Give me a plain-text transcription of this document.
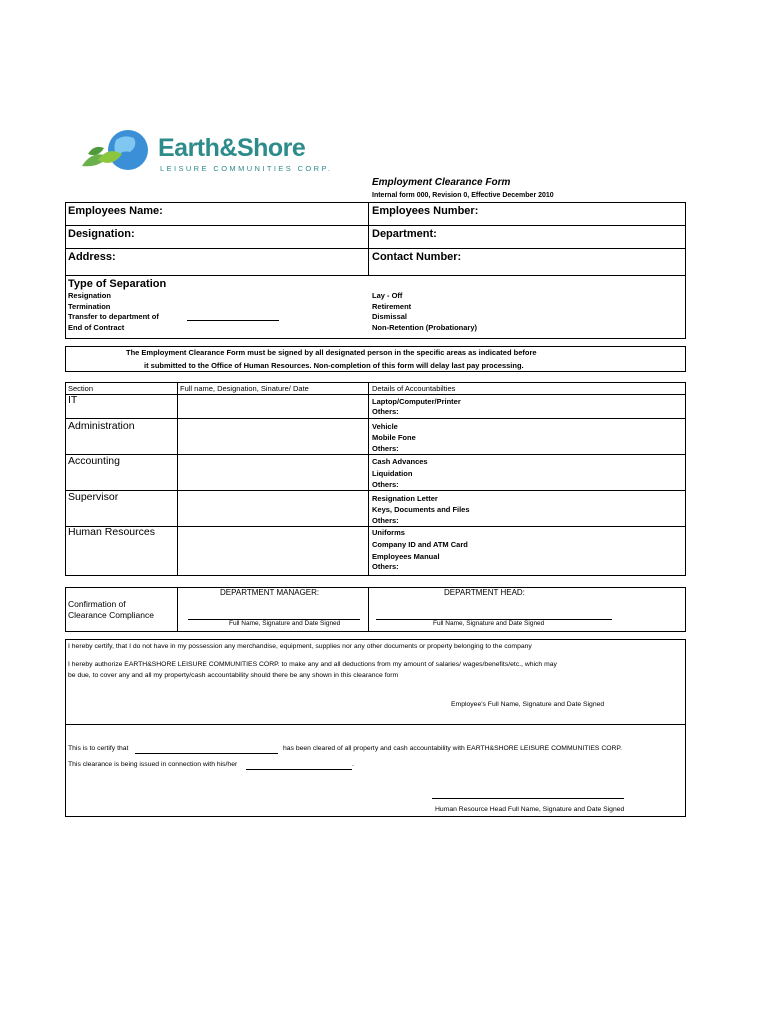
Earth&Shore
LEISURE COMMUNITIES CORP.
Employment Clearance Form
Internal form 000, Revision 0, Effective December 2010
Employees Name:	Employees Number:
Designation:	Department:
Address:	Contact Number:
Type of Separation
Resignation
Termination
Transfer to department of
End of Contract
Lay - Off
Retirement
Dismissal
Non-Retention (Probationary)
The Employment Clearance Form must be signed by all designated person in the specific areas as indicated before
it submitted to the Office of Human Resources. Non-completion of this form will delay last pay processing.
Section	Full name, Designation, Sinature/ Date	Details of Accountabilties
IT	Laptop/Computer/Printer
Others:
Administration	Vehicle
Mobile Fone
Others:
Accounting	Cash Advances
Liquidation
Others:
Supervisor	Resignation Letter
Keys, Documents and Files
Others:
Human Resources	Uniforms
Company ID and ATM Card
Employees Manual
Others:
Confirmation of
Clearance Compliance
DEPARTMENT MANAGER:	DEPARTMENT HEAD:
Full Name, Signature and Date Signed	Full Name, Signature and Date Signed
I hereby certify, that I do not have in my possession any merchandise, equipment, supplies nor any other documents or property belonging to the company
I hereby authorize EARTH&SHORE LEISURE COMMUNITIES CORP. to make any and all deductions from my amount of salaries/ wages/benefits/etc., which may
be due, to cover any and all my property/cash accountability should there be any shown in this clearance form
Employee's Full Name, Signature and Date Signed
This is to certify that	has been cleared of all property and cash accountability with EARTH&SHORE LEISURE COMMUNITIES CORP.
This clearance is being issued in connection with his/her	.
Human Resource Head Full Name, Signature and Date Signed
